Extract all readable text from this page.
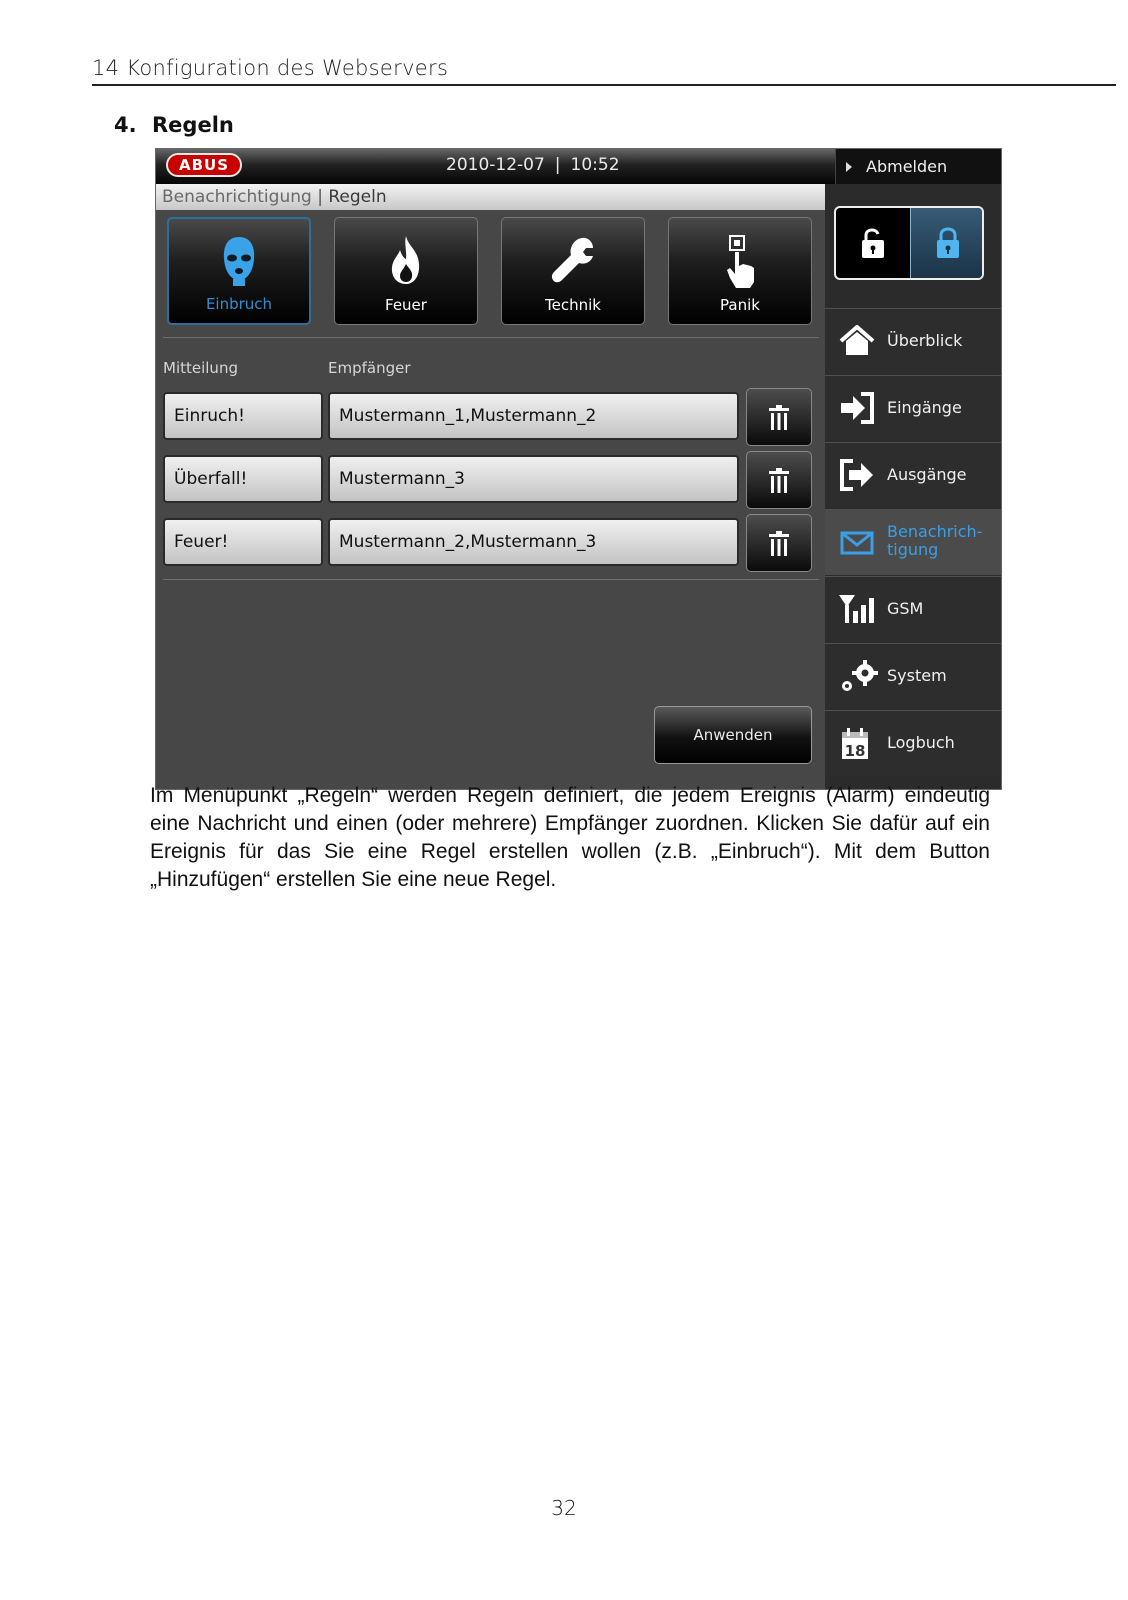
14 Konfiguration des Webservers
4. Regeln
ABUS	2010-12-07 | 10:52	Abmelden
Benachrichtigung | Regeln
Einbruch	Feuer	Technik	Panik
Mitteilung	Empfänger
Einruch!	Mustermann_1,Mustermann_2
Überfall!	Mustermann_3
Feuer!	Mustermann_2,Mustermann_3
Anwenden
Überblick
Eingänge
Ausgänge
Benachrich-
tigung
GSM
System
18 Logbuch

Im Menüpunkt „Regeln“ werden Regeln definiert, die jedem Ereignis (Alarm) eindeutig eine Nachricht und einen (oder mehrere) Empfänger zuordnen. Klicken Sie dafür auf ein Ereignis für das Sie eine Regel erstellen wollen (z.B. „Einbruch“). Mit dem Button „Hinzufügen“ erstellen Sie eine neue Regel.

32
